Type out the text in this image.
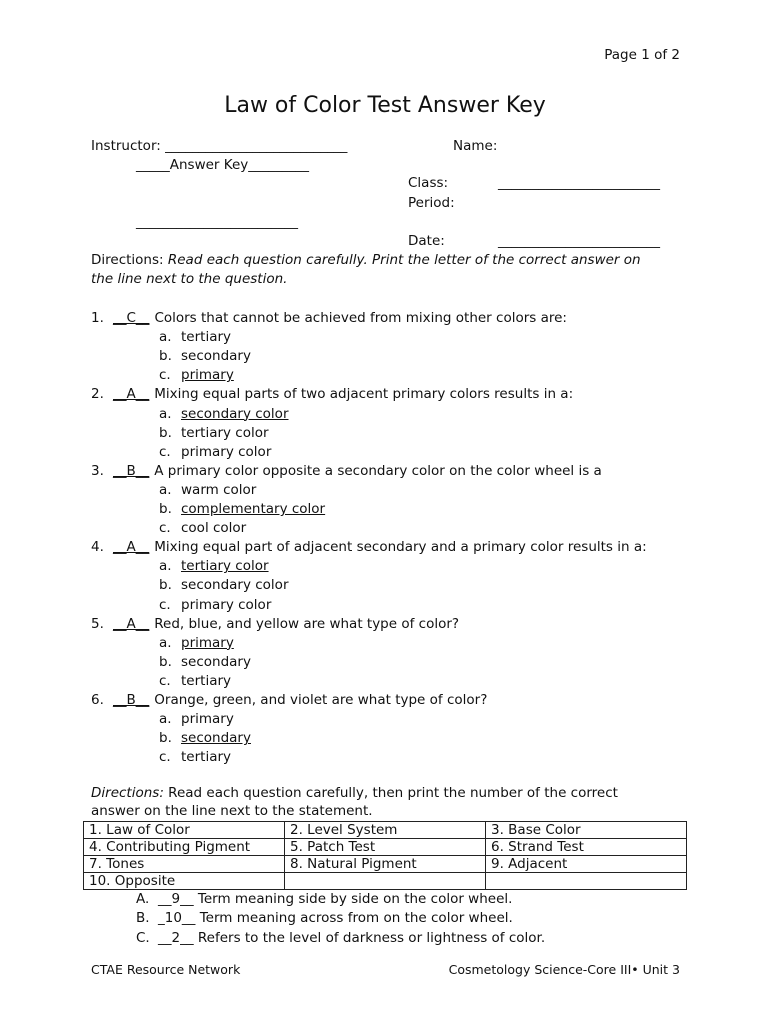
Page 1 of 2
Law of Color Test Answer Key
Instructor: ___________________________	Name:
_____Answer Key_________
Class:	________________________
Period:
________________________
Date:	________________________
Directions: Read each question carefully. Print the letter of the correct answer on
the line next to the question.
1. __C__ Colors that cannot be achieved from mixing other colors are:
a. tertiary
b. secondary
c. primary
2. __A__ Mixing equal parts of two adjacent primary colors results in a:
a. secondary color
b. tertiary color
c. primary color
3. __B__ A primary color opposite a secondary color on the color wheel is a
a. warm color
b. complementary color
c. cool color
4. __A__ Mixing equal part of adjacent secondary and a primary color results in a:
a. tertiary color
b. secondary color
c. primary color
5. __A__ Red, blue, and yellow are what type of color?
a. primary
b. secondary
c. tertiary
6. __B__ Orange, green, and violet are what type of color?
a. primary
b. secondary
c. tertiary
Directions: Read each question carefully, then print the number of the correct
answer on the line next to the statement.
1. Law of Color	2. Level System	3. Base Color
4. Contributing Pigment	5. Patch Test	6. Strand Test
7. Tones	8. Natural Pigment	9. Adjacent
10. Opposite		
A. __9__ Term meaning side by side on the color wheel.
B. _10__ Term meaning across from on the color wheel.
C. __2__ Refers to the level of darkness or lightness of color.
CTAE Resource Network	Cosmetology Science-Core III• Unit 3
